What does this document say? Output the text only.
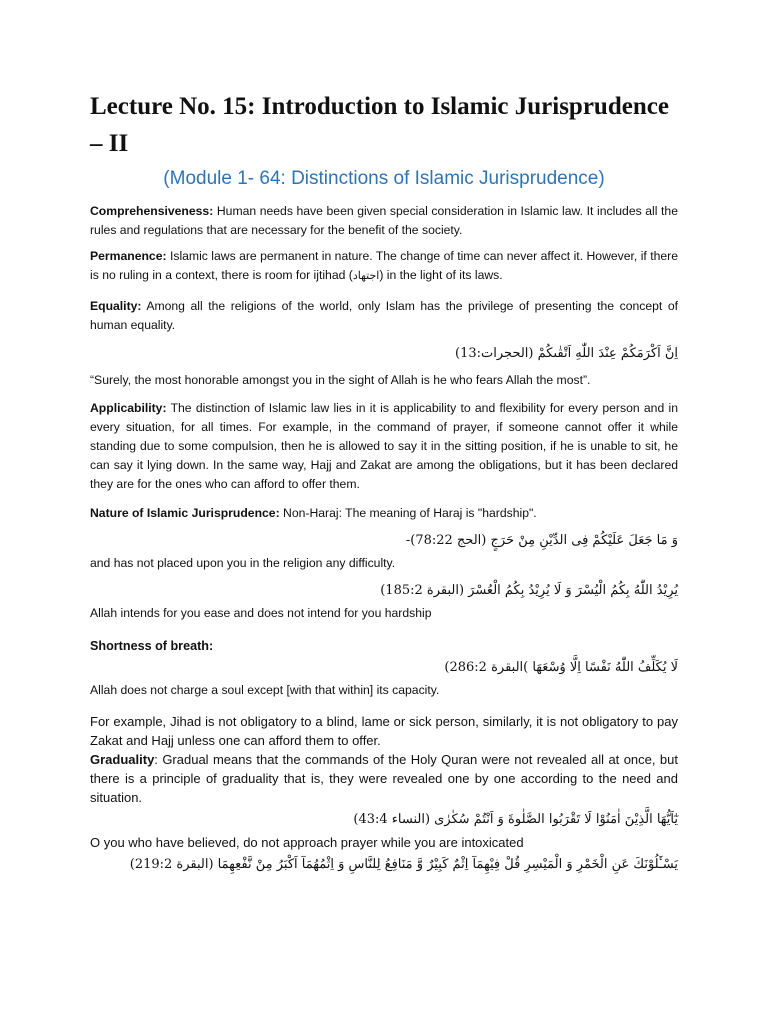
Lecture No. 15: Introduction to Islamic Jurisprudence – II
(Module 1- 64: Distinctions of Islamic Jurisprudence)

Comprehensiveness: Human needs have been given special consideration in Islamic law. It includes all the rules and regulations that are necessary for the benefit of the society.

Permanence: Islamic laws are permanent in nature. The change of time can never affect it. However, if there is no ruling in a context, there is room for ijtihad (اجتھاد) in the light of its laws.

Equality: Among all the religions of the world, only Islam has the privilege of presenting the concept of human equality.

اِنَّ اَكْرَمَكُمْ عِنْدَ اللّٰهِ اَتْقٰىكُمْ (الحجرات:13)

“Surely, the most honorable amongst you in the sight of Allah is he who fears Allah the most”.

Applicability: The distinction of Islamic law lies in it is applicability to and flexibility for every person and in every situation, for all times. For example, in the command of prayer, if someone cannot offer it while standing due to some compulsion, then he is allowed to say it in the sitting position, if he is unable to sit, he can say it lying down. In the same way, Hajj and Zakat are among the obligations, but it has been declared they are for the ones who can afford to offer them.

Nature of Islamic Jurisprudence: Non-Haraj: The meaning of Haraj is "hardship".

وَ مَا جَعَلَ عَلَيْكُمْ فِى الدِّيْنِ مِنْ حَرَجٍ (الحج 78:22)-

and has not placed upon you in the religion any difficulty.

يُرِيْدُ اللّٰهُ بِكُمُ الْيُسْرَ وَ لَا يُرِيْدُ بِكُمُ الْعُسْرَ (البقرة 185:2)

Allah intends for you ease and does not intend for you hardship

Shortness of breath:
لَا يُكَلِّفُ اللّٰهُ نَفْسًا اِلَّا وُسْعَهَا )البقرة 286:2)

Allah does not charge a soul except [with that within] its capacity.

For example, Jihad is not obligatory to a blind, lame or sick person, similarly, it is not obligatory to pay Zakat and Hajj unless one can afford them to offer.

Graduality: Gradual means that the commands of the Holy Quran were not revealed all at once, but there is a principle of graduality that is, they were revealed one by one according to the need and situation.

يٰٓاَيُّهَا الَّذِيْنَ اٰمَنُوْا لَا تَقْرَبُوا الصَّلٰوةَ وَ اَنْتُمْ سُكٰرٰى (النساء 43:4)

O you who have believed, do not approach prayer while you are intoxicated

يَسْـَٔلُوْنَكَ عَنِ الْخَمْرِ وَ الْمَيْسِرِ قُلْ فِيْهِمَآ اِثْمٌ كَبِيْرٌ وَّ مَنَافِعُ لِلنَّاسِ وَ اِثْمُهُمَآ اَكْبَرُ مِنْ نَّفْعِهِمَا (البقرة 219:2)
